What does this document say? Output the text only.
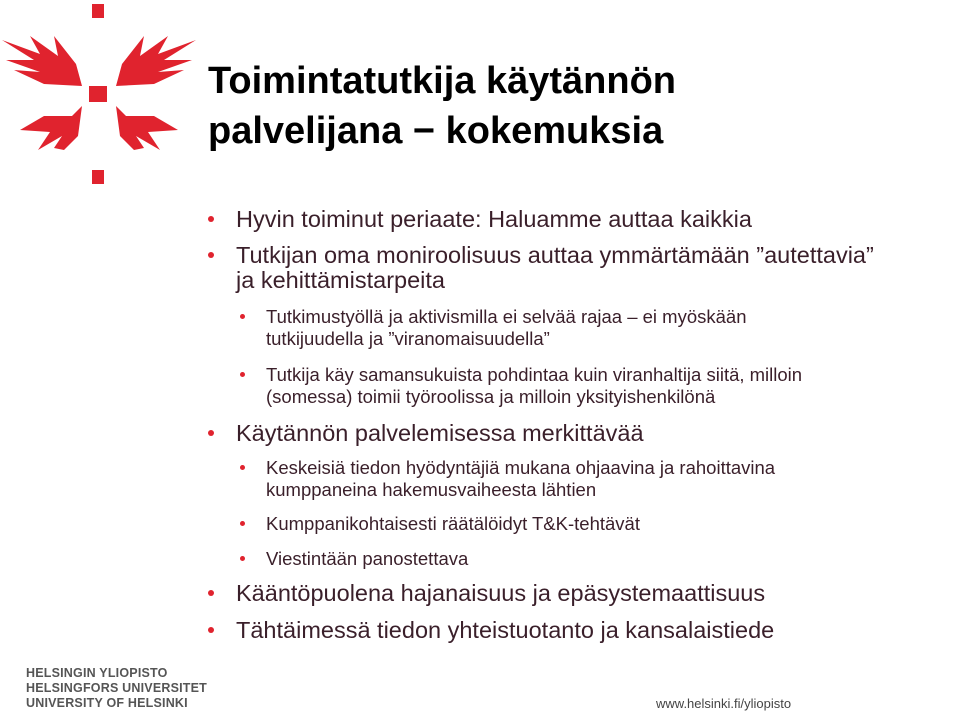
Toimintatutkija käytännön
palvelijana − kokemuksia
Hyvin toiminut periaate: Haluamme auttaa kaikkia
Tutkijan oma moniroolisuus auttaa ymmärtämään ”autettavia”
ja kehittämistarpeita
Tutkimustyöllä ja aktivismilla ei selvää rajaa – ei myöskään
tutkijuudella ja ”viranomaisuudella”
Tutkija käy samansukuista pohdintaa kuin viranhaltija siitä, milloin
(somessa) toimii työroolissa ja milloin yksityishenkilönä
Käytännön palvelemisessa merkittävää
Keskeisiä tiedon hyödyntäjiä mukana ohjaavina ja rahoittavina
kumppaneina hakemusvaiheesta lähtien
Kumppanikohtaisesti räätälöidyt T&K-tehtävät
Viestintään panostettava
Kääntöpuolena hajanaisuus ja epäsystemaattisuus
Tähtäimessä tiedon yhteistuotanto ja kansalaistiede
HELSINGIN YLIOPISTO
HELSINGFORS UNIVERSITET
UNIVERSITY OF HELSINKI	www.helsinki.fi/yliopisto
